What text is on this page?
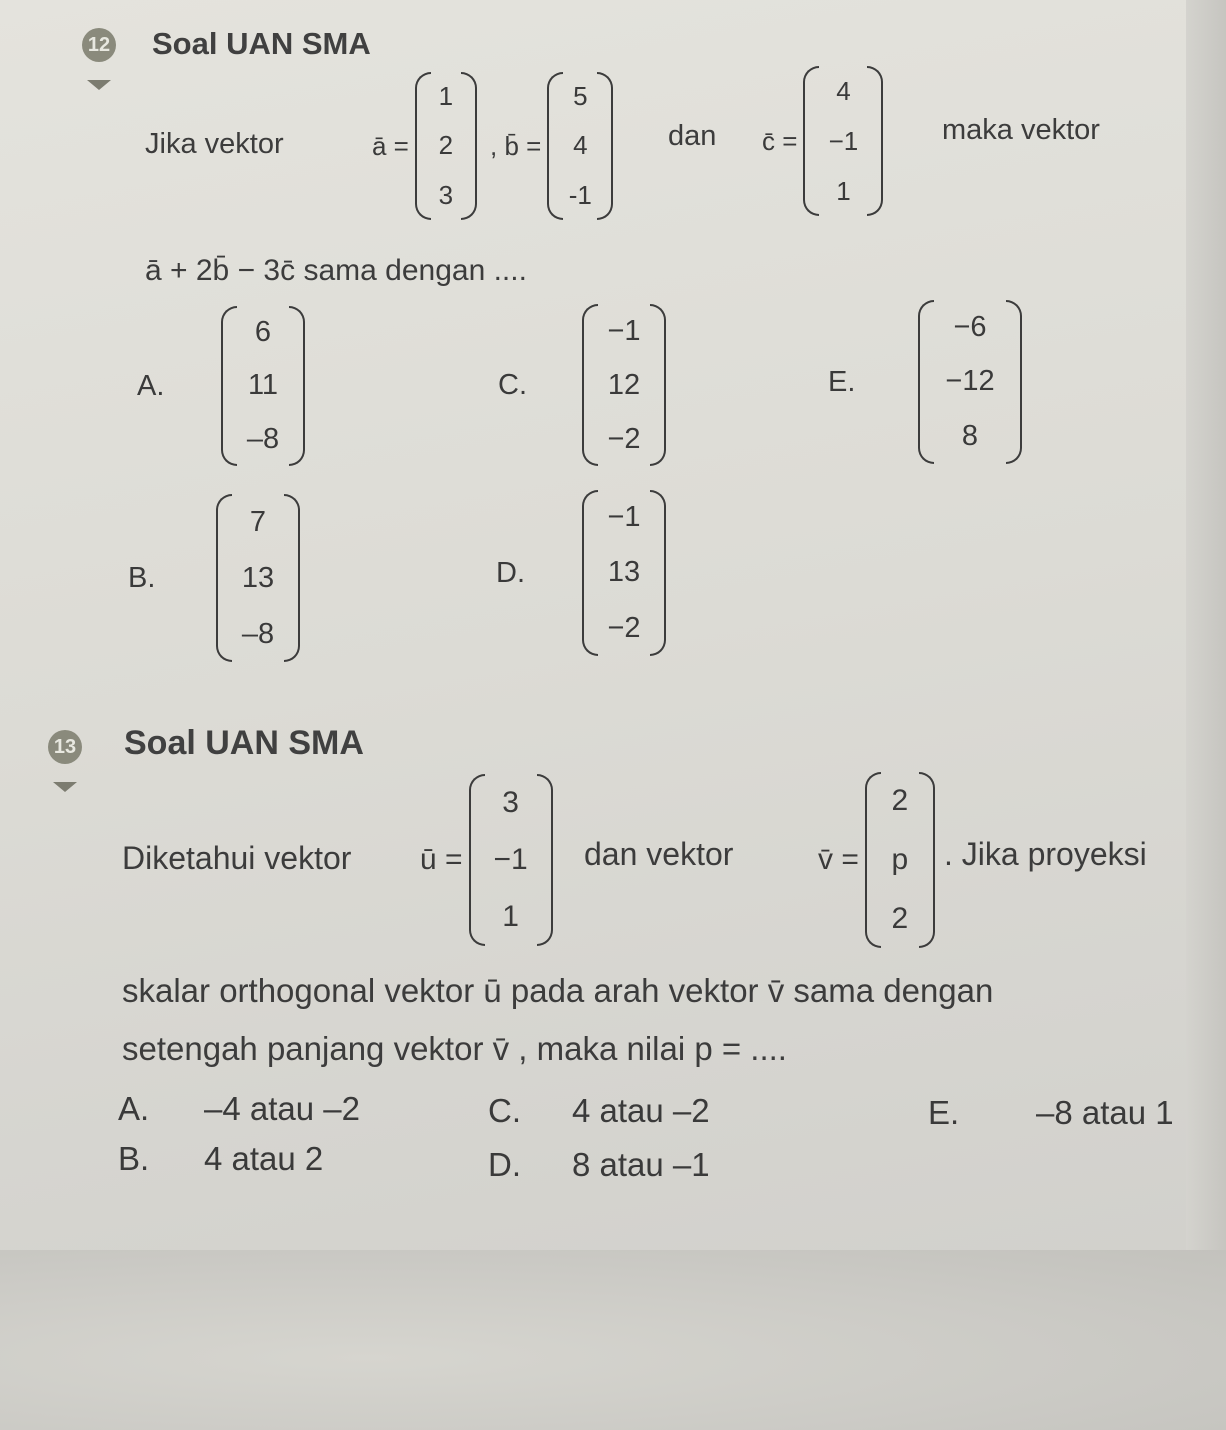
12 Soal UAN SMA
Jika vektor	ā =
1
2
3
, b̄ =
5
4
-1
dan c̄ =
4
−1
1
maka vektor
ā + 2b̄ − 3c̄ sama dengan ....
A.
6
11
–8
B.
7
13
–8
C.
−1
12
−2
D.
−1
13
−2
E.
−6
−12
8
13 Soal UAN SMA
Diketahui vektor ū =
3
−1
1
dan vektor	v̄ =
2
p
2
. Jika proyeksi
skalar orthogonal vektor ū pada arah vektor v̄ sama dengan
setengah panjang vektor v̄ , maka nilai p = ....
A.	–4 atau –2
B.	4 atau 2
C.	4 atau –2
D.	8 atau –1
E.	–8 atau 1
